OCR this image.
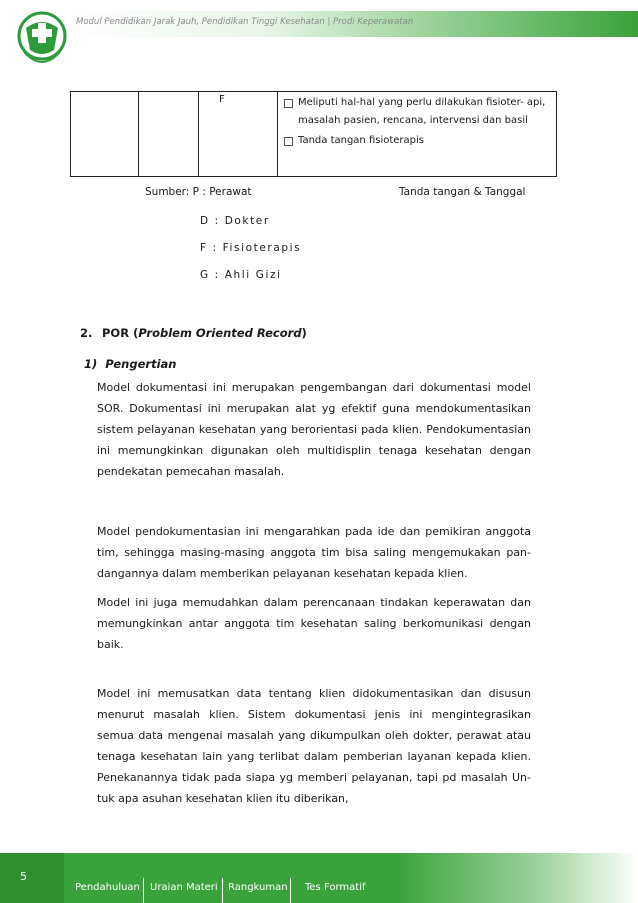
Modul Pendidikan Jarak Jauh, Pendidikan Tinggi Kesehatan | Prodi Keperawatan
		F	Meliputi hal-hal yang perlu dilakukan fisioter- api, masalah pasien, rencana, intervensi dan basil
Tanda tangan fisioterapis
Sumber: P : Perawat	Tanda tangan & Tanggal
D : Dokter
F : Fisioterapis
G : Ahli Gizi
2. POR (Problem Oriented Record)
1)  Pengertian
Model dokumentasi ini merupakan pengembangan dari dokumentasi model SOR. Dokumentasi ini merupakan alat yg efektif guna mendokumentasikan sistem pelayanan kesehatan yang berorientasi pada klien. Pendokumentasian ini memungkinkan digunakan oleh multidisplin tenaga kesehatan dengan pendekatan pemecahan masalah.
Model pendokumentasian ini mengarahkan pada ide dan pemikiran anggota tim, sehingga masing-masing anggota tim bisa saling mengemukakan pan- dangannya dalam memberikan pelayanan kesehatan kepada klien.
Model ini juga memudahkan dalam perencanaan tindakan keperawatan dan memungkinkan antar anggota tim kesehatan saling berkomunikasi dengan baik.
Model ini memusatkan data tentang klien didokumentasikan dan disusun menurut masalah klien. Sistem dokumentasi jenis ini mengintegrasikan semua data mengenai masalah yang dikumpulkan oleh dokter, perawat atau tenaga kesehatan lain yang terlibat dalam pemberian layanan kepada klien. Penekanannya tidak pada siapa yg memberi pelayanan, tapi pd masalah Un- tuk apa asuhan kesehatan klien itu diberikan,
5
Pendahuluan Uraian Materi Rangkuman Tes Formatif
